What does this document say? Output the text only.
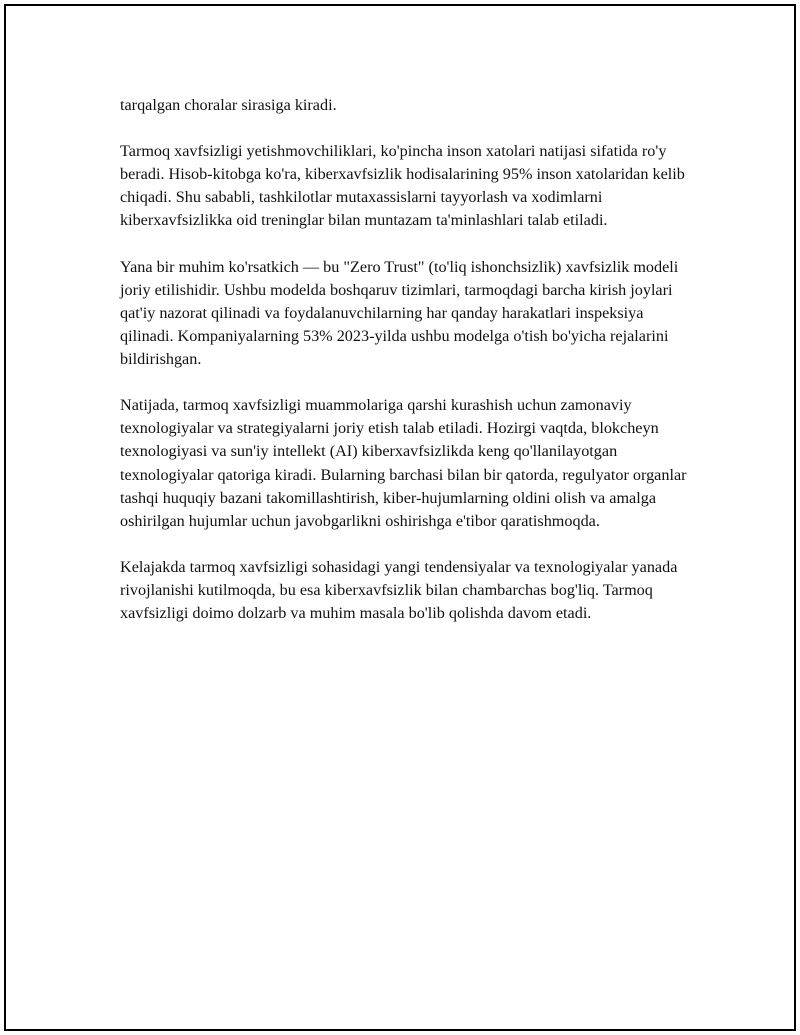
tarqalgan choralar sirasiga kiradi.

Tarmoq xavfsizligi yetishmovchiliklari, ko'pincha inson xatolari natijasi sifatida ro'y beradi. Hisob-kitobga ko'ra, kiberxavfsizlik hodisalarining 95% inson xatolaridan kelib chiqadi. Shu sababli, tashkilotlar mutaxassislarni tayyorlash va xodimlarni kiberxavfsizlikka oid treninglar bilan muntazam ta'minlashlari talab etiladi.

Yana bir muhim ko'rsatkich — bu "Zero Trust" (to'liq ishonchsizlik) xavfsizlik modeli joriy etilishidir. Ushbu modelda boshqaruv tizimlari, tarmoqdagi barcha kirish joylari qat'iy nazorat qilinadi va foydalanuvchilarning har qanday harakatlari inspeksiya qilinadi. Kompaniyalarning 53% 2023-yilda ushbu modelga o'tish bo'yicha rejalarini bildirishgan.

Natijada, tarmoq xavfsizligi muammolariga qarshi kurashish uchun zamonaviy texnologiyalar va strategiyalarni joriy etish talab etiladi. Hozirgi vaqtda, blokcheyn texnologiyasi va sun'iy intellekt (AI) kiberxavfsizlikda keng qo'llanilayotgan texnologiyalar qatoriga kiradi. Bularning barchasi bilan bir qatorda, regulyator organlar tashqi huquqiy bazani takomillashtirish, kiber-hujumlarning oldini olish va amalga oshirilgan hujumlar uchun javobgarlikni oshirishga e'tibor qaratishmoqda.

Kelajakda tarmoq xavfsizligi sohasidagi yangi tendensiyalar va texnologiyalar yanada rivojlanishi kutilmoqda, bu esa kiberxavfsizlik bilan chambarchas bog'liq. Tarmoq xavfsizligi doimo dolzarb va muhim masala bo'lib qolishda davom etadi.
